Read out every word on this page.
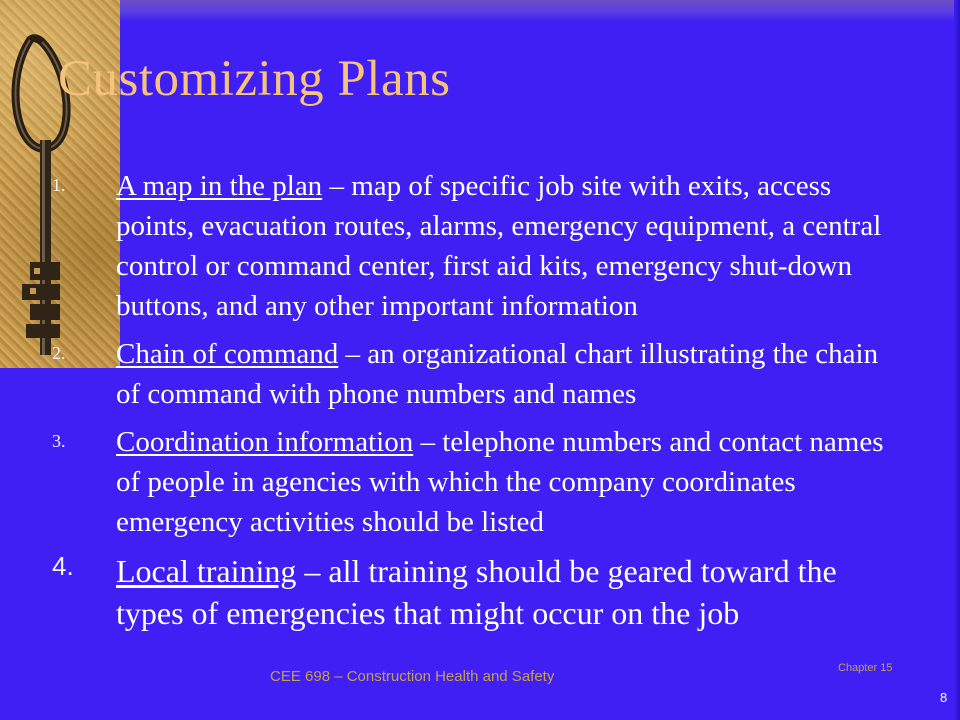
Customizing Plans
1. A map in the plan – map of specific job site with exits, access points, evacuation routes, alarms, emergency equipment, a central control or command center, first aid kits, emergency shut-down buttons, and any other important information
2. Chain of command – an organizational chart illustrating the chain of command with phone numbers and names
3. Coordination information – telephone numbers and contact names of people in agencies with which the company coordinates emergency activities should be listed
4. Local training – all training should be geared toward the types of emergencies that might occur on the job
CEE 698 – Construction Health and Safety	Chapter 15
8
